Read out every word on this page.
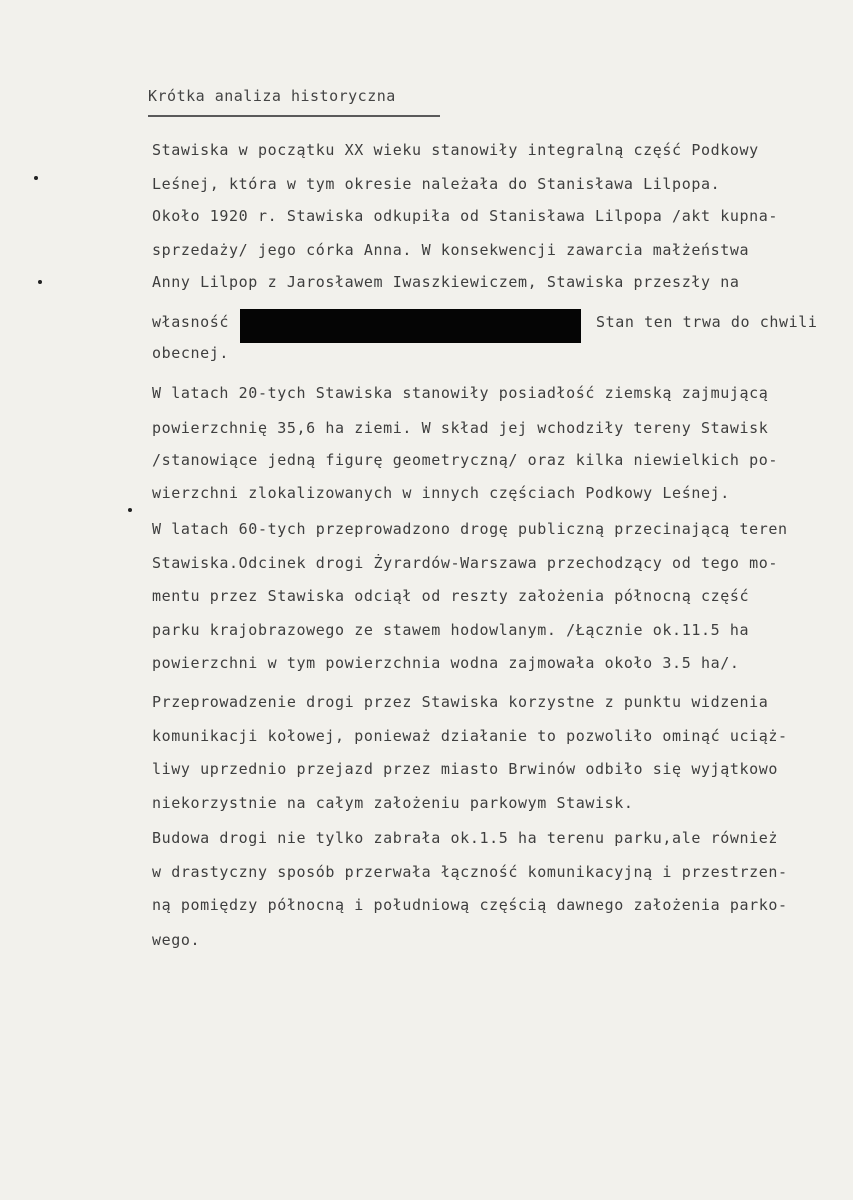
Krótka analiza historyczna
Stawiska w początku XX wieku stanowiły integralną część Podkowy
Leśnej, która w tym okresie należała do Stanisława Lilpopa.
Około 1920 r. Stawiska odkupiła od Stanisława Lilpopa /akt kupna-
sprzedaży/ jego córka Anna. W konsekwencji zawarcia małżeństwa
Anny Lilpop z Jarosławem Iwaszkiewiczem, Stawiska przeszły na
własność	Stan ten trwa do chwili
obecnej.
W latach 20-tych Stawiska stanowiły posiadłość ziemską zajmującą
powierzchnię 35,6 ha ziemi. W skład jej wchodziły tereny Stawisk
/stanowiące jedną figurę geometryczną/ oraz kilka niewielkich po-
wierzchni zlokalizowanych w innych częściach Podkowy Leśnej.
W latach 60-tych przeprowadzono drogę publiczną przecinającą teren
Stawiska.Odcinek drogi Żyrardów-Warszawa przechodzący od tego mo-
mentu przez Stawiska odciął od reszty założenia północną część
parku krajobrazowego ze stawem hodowlanym. /Łącznie ok.11.5 ha
powierzchni w tym powierzchnia wodna zajmowała około 3.5 ha/.
Przeprowadzenie drogi przez Stawiska korzystne z punktu widzenia
komunikacji kołowej, ponieważ działanie to pozwoliło ominąć uciąż-
liwy uprzednio przejazd przez miasto Brwinów odbiło się wyjątkowo
niekorzystnie na całym założeniu parkowym Stawisk.
Budowa drogi nie tylko zabrała ok.1.5 ha terenu parku,ale również
w drastyczny sposób przerwała łączność komunikacyjną i przestrzen-
ną pomiędzy północną i południową częścią dawnego założenia parko-
wego.
